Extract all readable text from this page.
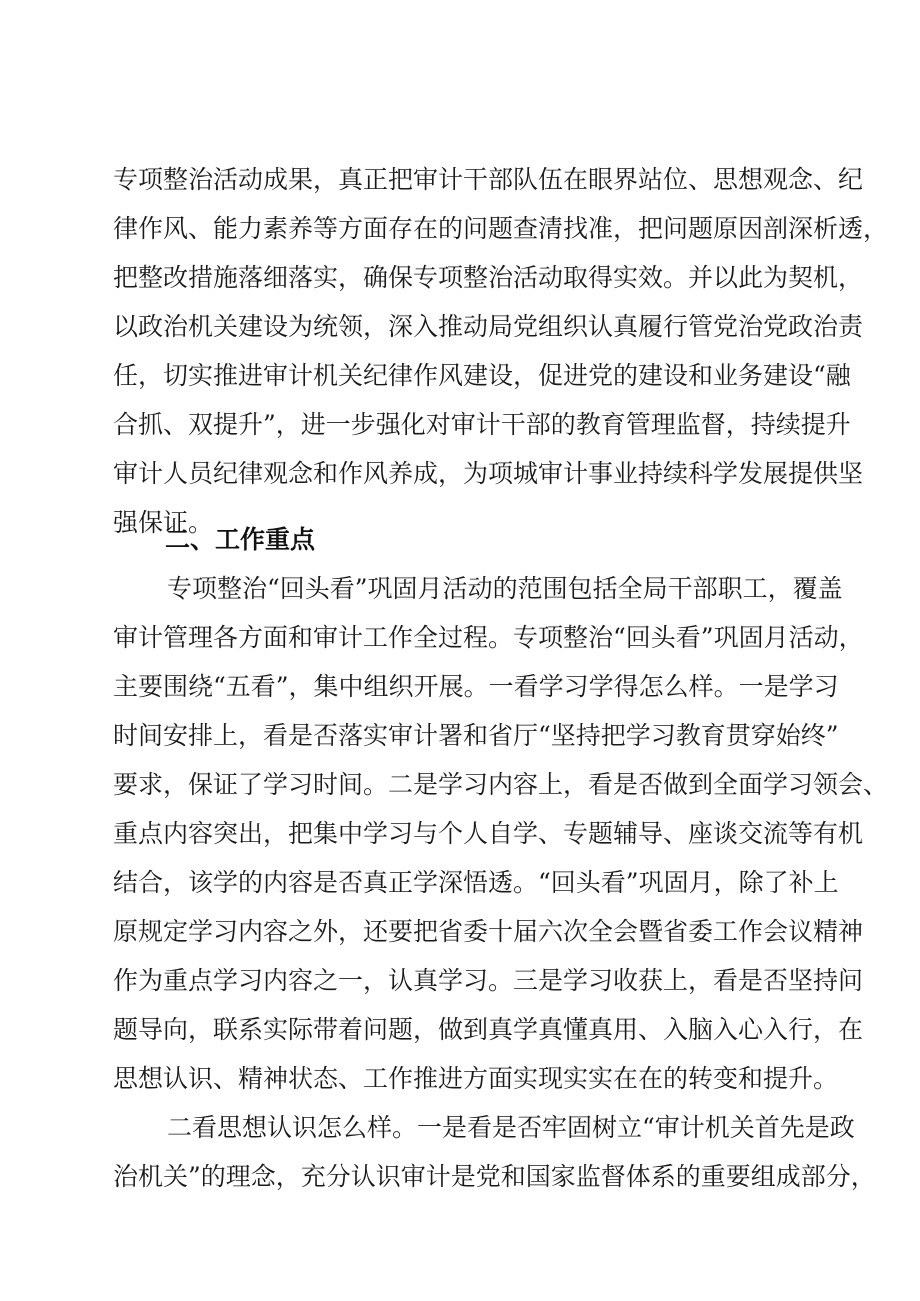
专项整治活动成果，真正把审计干部队伍在眼界站位、思想观念、纪
律作风、能力素养等方面存在的问题查清找准，把问题原因剖深析透，
把整改措施落细落实，确保专项整治活动取得实效。并以此为契机，
以政治机关建设为统领，深入推动局党组织认真履行管党治党政治责
任，切实推进审计机关纪律作风建设，促进党的建设和业务建设“融
合抓、双提升”，进一步强化对审计干部的教育管理监督，持续提升
审计人员纪律观念和作风养成，为项城审计事业持续科学发展提供坚
强保证。
二、工作重点
专项整治“回头看”巩固月活动的范围包括全局干部职工，覆盖
审计管理各方面和审计工作全过程。专项整治“回头看”巩固月活动，
主要围绕“五看”，集中组织开展。一看学习学得怎么样。一是学习
时间安排上，看是否落实审计署和省厅“坚持把学习教育贯穿始终”
要求，保证了学习时间。二是学习内容上，看是否做到全面学习领会、
重点内容突出，把集中学习与个人自学、专题辅导、座谈交流等有机
结合，该学的内容是否真正学深悟透。“回头看”巩固月，除了补上
原规定学习内容之外，还要把省委十届六次全会暨省委工作会议精神
作为重点学习内容之一，认真学习。三是学习收获上，看是否坚持问
题导向，联系实际带着问题，做到真学真懂真用、入脑入心入行，在
思想认识、精神状态、工作推进方面实现实实在在的转变和提升。
二看思想认识怎么样。一是看是否牢固树立“审计机关首先是政
治机关”的理念，充分认识审计是党和国家监督体系的重要组成部分，
